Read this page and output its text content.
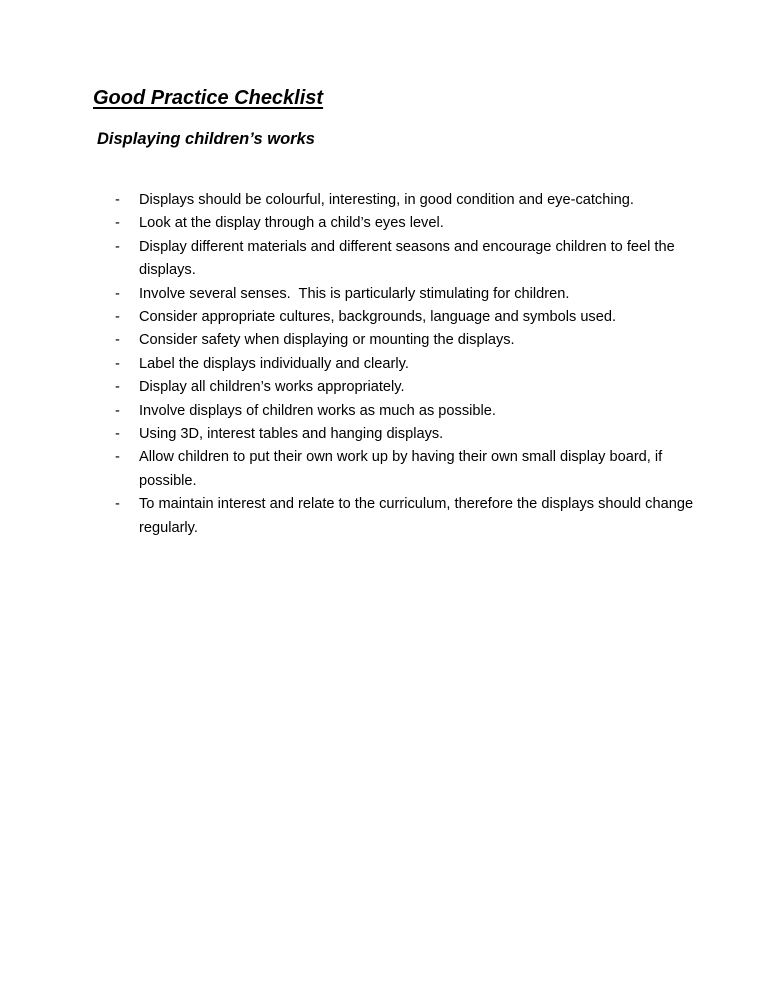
Good Practice Checklist
Displaying children’s works
- Displays should be colourful, interesting, in good condition and eye-catching.
- Look at the display through a child’s eyes level.
- Display different materials and different seasons and encourage children to feel the displays.
- Involve several senses.  This is particularly stimulating for children.
- Consider appropriate cultures, backgrounds, language and symbols used.
- Consider safety when displaying or mounting the displays.
- Label the displays individually and clearly.
- Display all children’s works appropriately.
- Involve displays of children works as much as possible.
- Using 3D, interest tables and hanging displays.
- Allow children to put their own work up by having their own small display board, if possible.
- To maintain interest and relate to the curriculum, therefore the displays should change regularly.
